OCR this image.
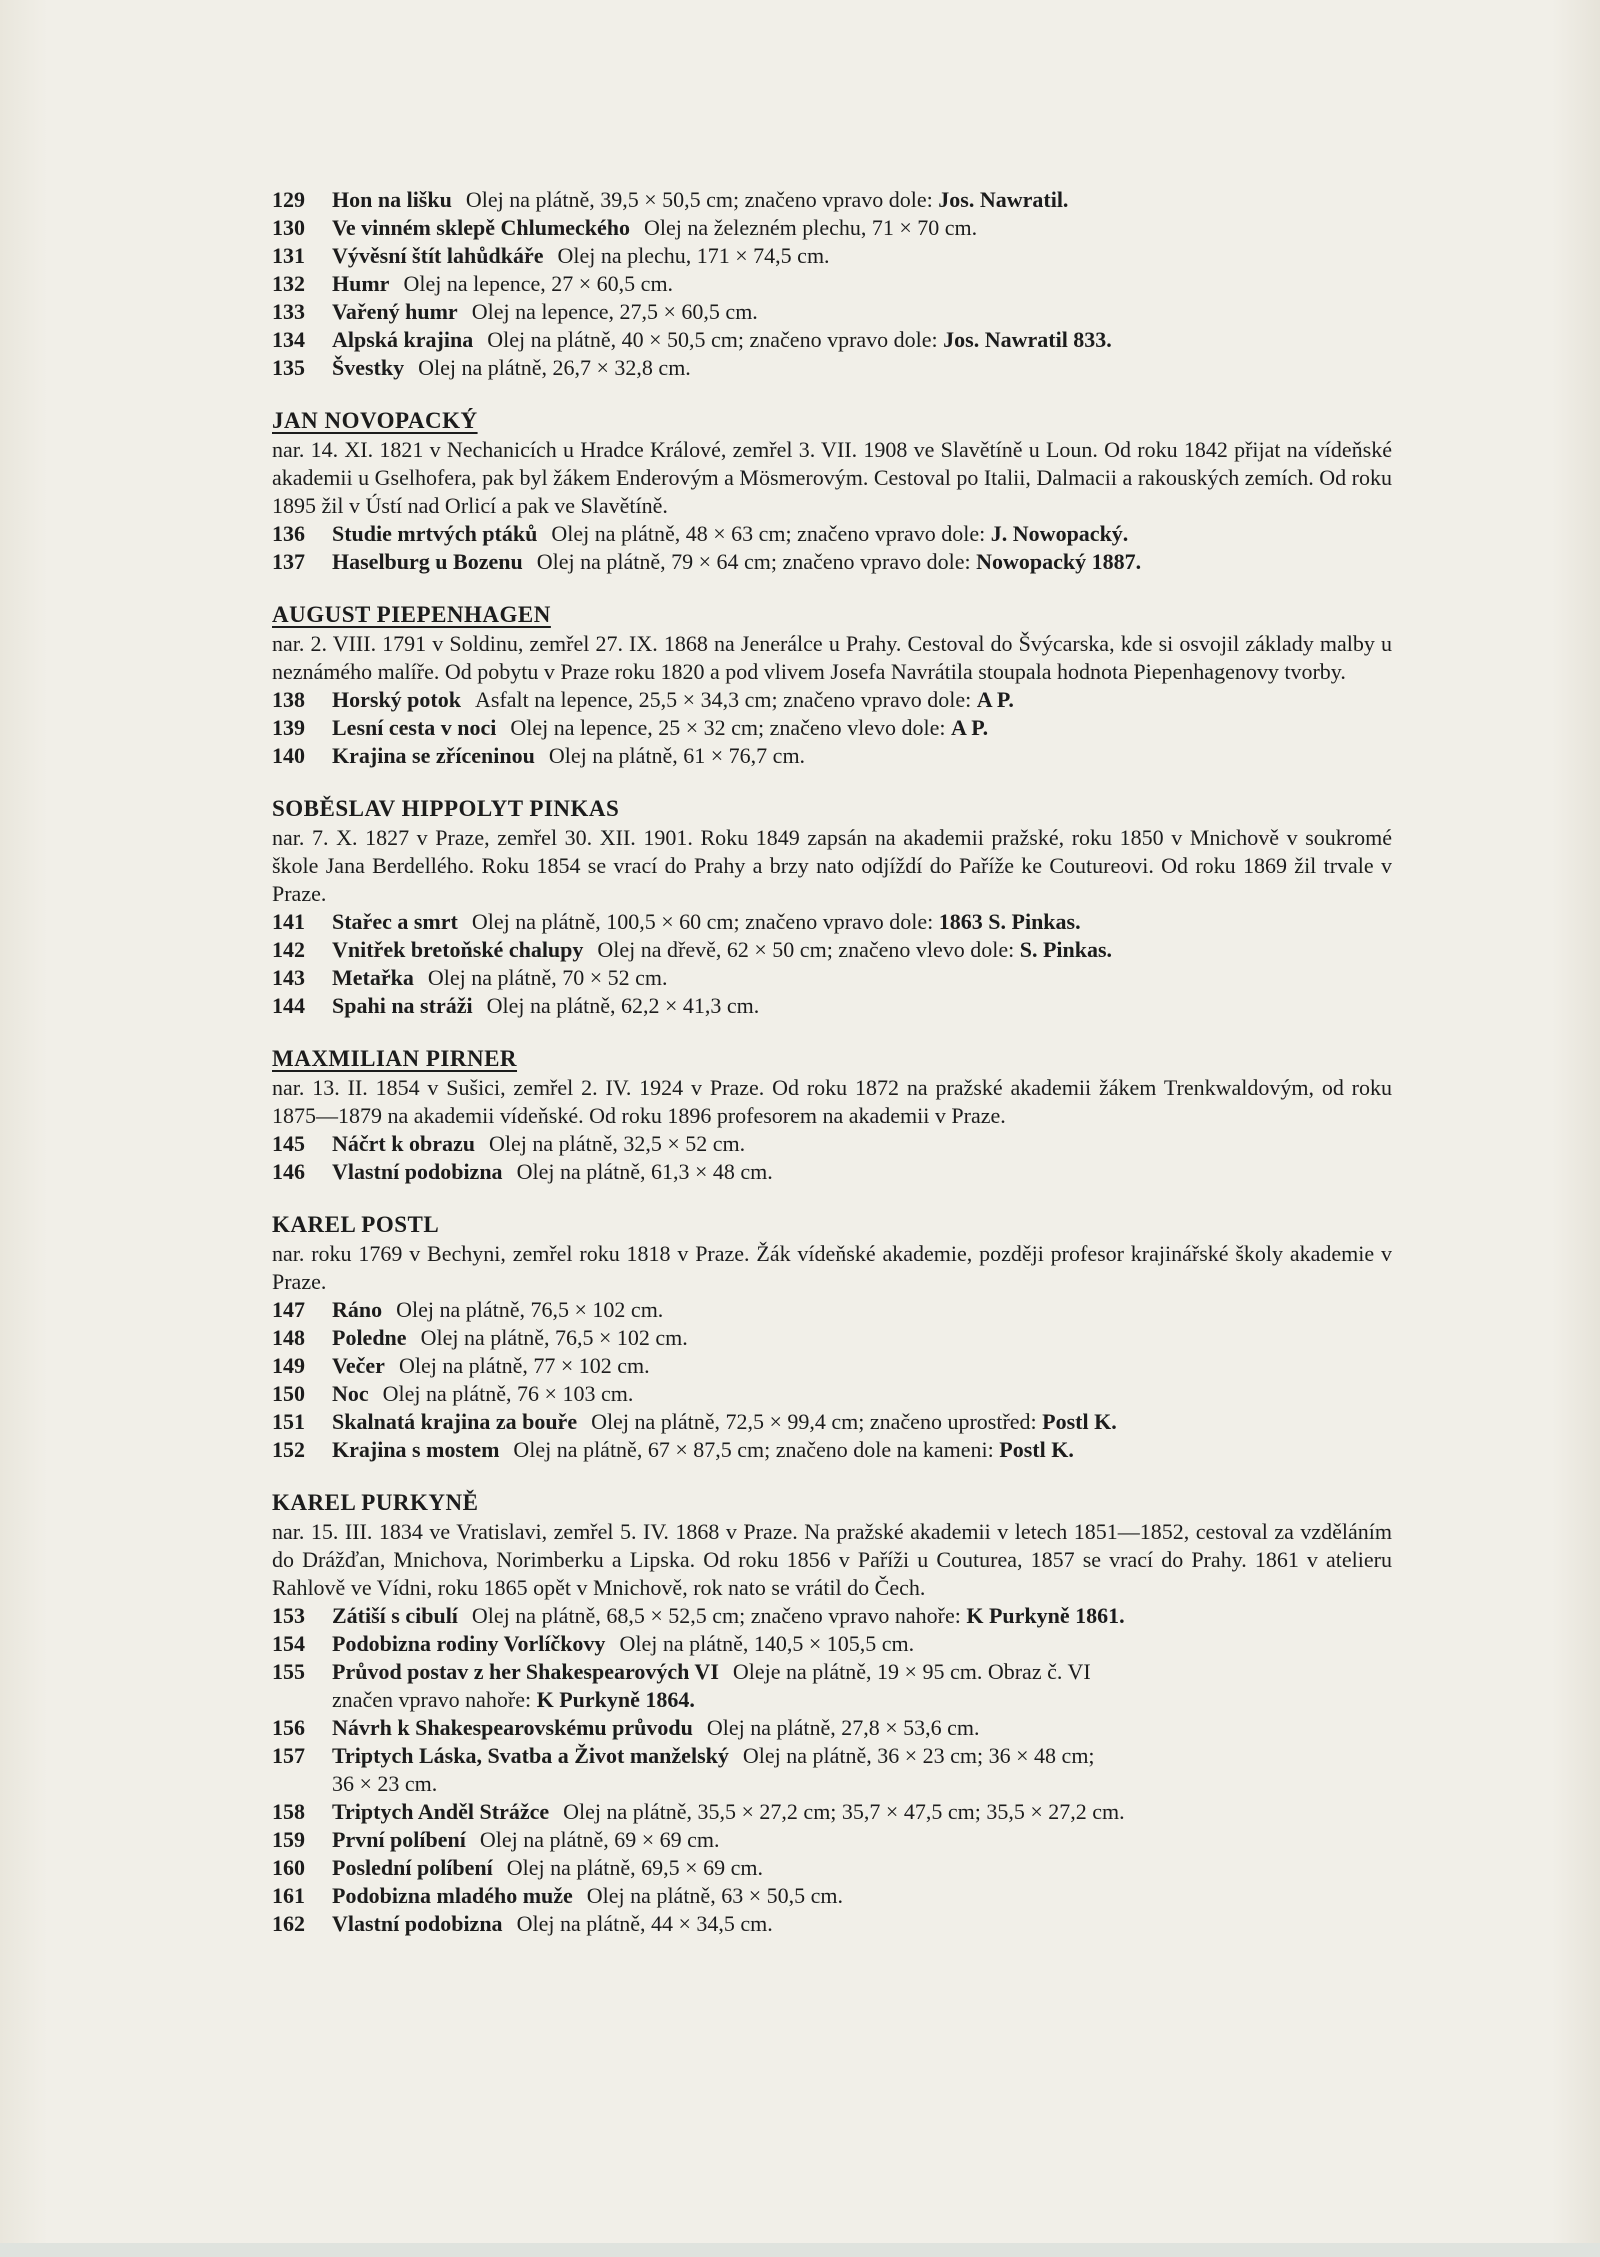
129 Hon na lišku Olej na plátně, 39,5 × 50,5 cm; značeno vpravo dole: Jos. Nawratil.
130 Ve vinném sklepě Chlumeckého Olej na železném plechu, 71 × 70 cm.
131 Vývěsní štít lahůdkáře Olej na plechu, 171 × 74,5 cm.
132 Humr Olej na lepence, 27 × 60,5 cm.
133 Vařený humr Olej na lepence, 27,5 × 60,5 cm.
134 Alpská krajina Olej na plátně, 40 × 50,5 cm; značeno vpravo dole: Jos. Nawratil 833.
135 Švestky Olej na plátně, 26,7 × 32,8 cm.
JAN NOVOPACKÝ

nar. 14. XI. 1821 v Nechanicích u Hradce Králové, zemřel 3. VII. 1908 ve Slavětíně u Loun. Od roku 1842 přijat na vídeňské akademii u Gselhofera, pak byl žákem Enderovým a Mösmerovým. Cestoval po Italii, Dalmacii a rakouských zemích. Od roku 1895 žil v Ústí nad Orlicí a pak ve Slavětíně.

136 Studie mrtvých ptáků Olej na plátně, 48 × 63 cm; značeno vpravo dole: J. Nowopacký.
137 Haselburg u Bozenu Olej na plátně, 79 × 64 cm; značeno vpravo dole: Nowopacký 1887.
AUGUST PIEPENHAGEN

nar. 2. VIII. 1791 v Soldinu, zemřel 27. IX. 1868 na Jenerálce u Prahy. Cestoval do Švýcarska, kde si osvojil základy malby u neznámého malíře. Od pobytu v Praze roku 1820 a pod vlivem Josefa Navrátila stoupala hodnota Piepenhagenovy tvorby.

138 Horský potok Asfalt na lepence, 25,5 × 34,3 cm; značeno vpravo dole: A P.
139 Lesní cesta v noci Olej na lepence, 25 × 32 cm; značeno vlevo dole: A P.
140 Krajina se zříceninou Olej na plátně, 61 × 76,7 cm.
SOBĚSLAV HIPPOLYT PINKAS

nar. 7. X. 1827 v Praze, zemřel 30. XII. 1901. Roku 1849 zapsán na akademii pražské, roku 1850 v Mnichově v soukromé škole Jana Berdelléhо. Roku 1854 se vrací do Prahy a brzy nato odjíždí do Paříže ke Coutureovi. Od roku 1869 žil trvale v Praze.

141 Stařec a smrt Olej na plátně, 100,5 × 60 cm; značeno vpravo dole: 1863 S. Pinkas.
142 Vnitřek bretoňské chalupy Olej na dřevě, 62 × 50 cm; značeno vlevo dole: S. Pinkas.
143 Metařka Olej na plátně, 70 × 52 cm.
144 Spahi na stráži Olej na plátně, 62,2 × 41,3 cm.
MAXMILIAN PIRNER

nar. 13. II. 1854 v Sušici, zemřel 2. IV. 1924 v Praze. Od roku 1872 na pražské akademii žákem Trenkwaldovým, od roku 1875—1879 na akademii vídeňské. Od roku 1896 profesorem na akademii v Praze.

145 Náčrt k obrazu Olej na plátně, 32,5 × 52 cm.
146 Vlastní podobizna Olej na plátně, 61,3 × 48 cm.
KAREL POSTL

nar. roku 1769 v Bechyni, zemřel roku 1818 v Praze. Žák vídeňské akademie, později profesor krajinářské školy akademie v Praze.

147 Ráno Olej na plátně, 76,5 × 102 cm.
148 Poledne Olej na plátně, 76,5 × 102 cm.
149 Večer Olej na plátně, 77 × 102 cm.
150 Noc Olej na plátně, 76 × 103 cm.
151 Skalnatá krajina za bouře Olej na plátně, 72,5 × 99,4 cm; značeno uprostřed: Postl K.
152 Krajina s mostem Olej na plátně, 67 × 87,5 cm; značeno dole na kameni: Postl K.
KAREL PURKYNĚ

nar. 15. III. 1834 ve Vratislavi, zemřel 5. IV. 1868 v Praze. Na pražské akademii v letech 1851—1852, cestoval za vzděláním do Drážďan, Mnichova, Norimberku a Lipska. Od roku 1856 v Paříži u Couturea, 1857 se vrací do Prahy. 1861 v atelieru Rahlově ve Vídni, roku 1865 opět v Mnichově, rok nato se vrátil do Čech.

153 Zátiší s cibulí Olej na plátně, 68,5 × 52,5 cm; značeno vpravo nahoře: K Purkyně 1861.
154 Podobizna rodiny Vorlíčkovy Olej na plátně, 140,5 × 105,5 cm.
155 Průvod postav z her Shakespearových VI Oleje na plátně, 19 × 95 cm. Obraz č. VI
značen vpravo nahoře: K Purkyně 1864.
156 Návrh k Shakespearovskému průvodu Olej na plátně, 27,8 × 53,6 cm.
157 Triptych Láska, Svatba a Život manželský Olej na plátně, 36 × 23 cm; 36 × 48 cm;
36 × 23 cm.
158 Triptych Anděl Strážce Olej na plátně, 35,5 × 27,2 cm; 35,7 × 47,5 cm; 35,5 × 27,2 cm.
159 První políbení Olej na plátně, 69 × 69 cm.
160 Poslední políbení Olej na plátně, 69,5 × 69 cm.
161 Podobizna mladého muže Olej na plátně, 63 × 50,5 cm.
162 Vlastní podobizna Olej na plátně, 44 × 34,5 cm.
